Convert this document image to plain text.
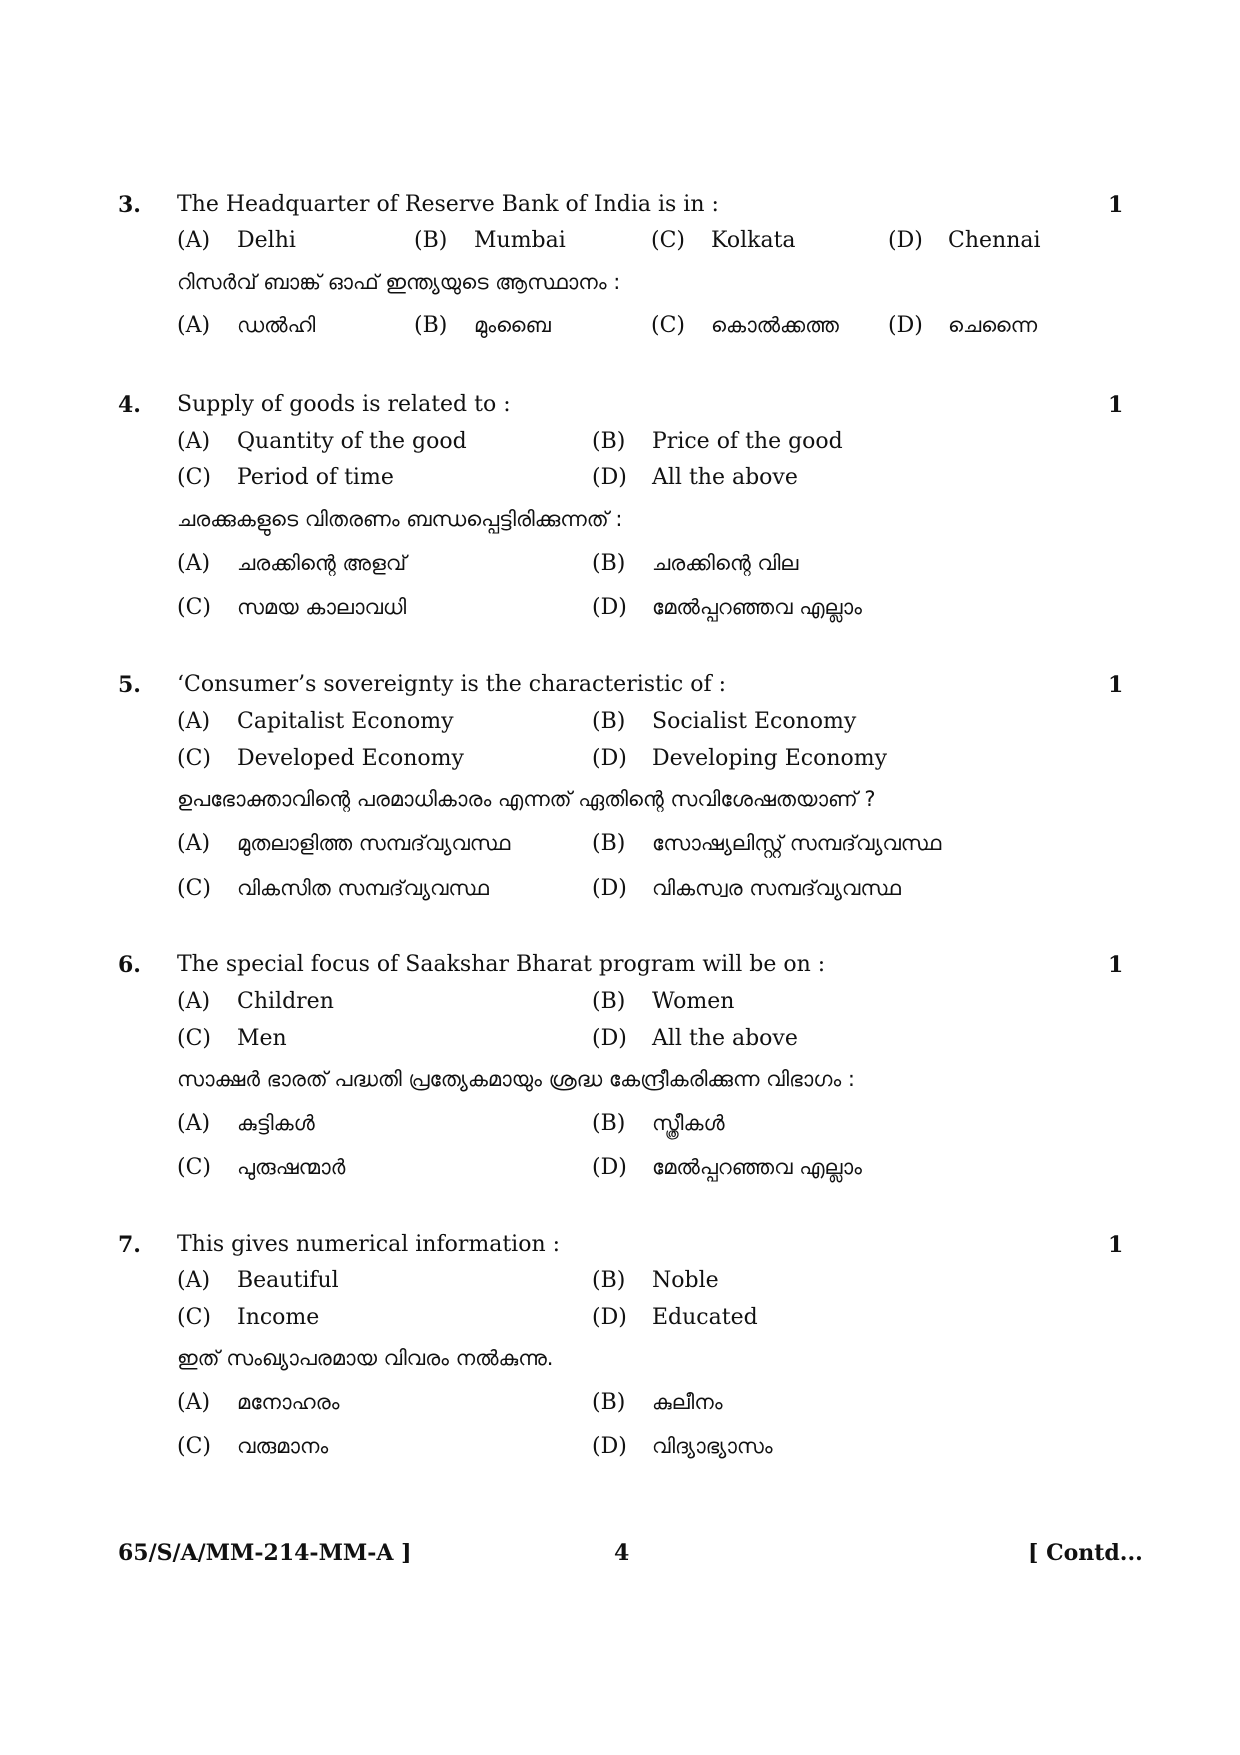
3. The Headquarter of Reserve Bank of India is in :	1
(A) Delhi	(B) Mumbai	(C) Kolkata	(D) Chennai
റിസർവ് ബാങ്ക് ഓഫ് ഇന്ത്യയുടെ ആസ്ഥാനം :
(A) ഡൽഹി	(B) മുംബൈ	(C) കൊൽക്കത്ത (D) ചെന്നൈ
4. Supply of goods is related to :	1
(A) Quantity of the good	(B) Price of the good
(C) Period of time	(D) All the above
ചരക്കുകളുടെ വിതരണം ബന്ധപ്പെട്ടിരിക്കുന്നത് :
(A) ചരക്കിന്റെ അളവ്	(B) ചരക്കിന്റെ വില
(C) സമയ കാലാവധി	(D) മേൽപ്പറഞ്ഞവ എല്ലാം
5. ‘Consumer’s sovereignty is the characteristic of :	1
(A) Capitalist Economy	(B) Socialist Economy
(C) Developed Economy	(D) Developing Economy
ഉപഭോക്താവിന്റെ പരമാധികാരം എന്നത് ഏതിന്റെ സവിശേഷതയാണ് ?
(A) മുതലാളിത്ത സമ്പദ്‌വ്യവസ്ഥ	(B) സോഷ്യലിസ്റ്റ് സമ്പദ്‌വ്യവസ്ഥ
(C) വികസിത സമ്പദ്‌വ്യവസ്ഥ	(D) വികസ്വര സമ്പദ്‌വ്യവസ്ഥ
6. The special focus of Saakshar Bharat program will be on :	1
(A) Children	(B) Women
(C) Men	(D) All the above
സാക്ഷർ ഭാരത് പദ്ധതി പ്രത്യേകമായും ശ്രദ്ധ കേന്ദ്രീകരിക്കുന്ന വിഭാഗം :
(A) കുട്ടികൾ	(B) സ്ത്രീകൾ
(C) പുരുഷന്മാർ	(D) മേൽപ്പറഞ്ഞവ എല്ലാം
7. This gives numerical information :	1
(A) Beautiful	(B) Noble
(C) Income	(D) Educated
ഇത് സംഖ്യാപരമായ വിവരം നൽകുന്നു.
(A) മനോഹരം	(B) കുലീനം
(C) വരുമാനം	(D) വിദ്യാഭ്യാസം
65/S/A/MM-214-MM-A ]	4	[ Contd...
